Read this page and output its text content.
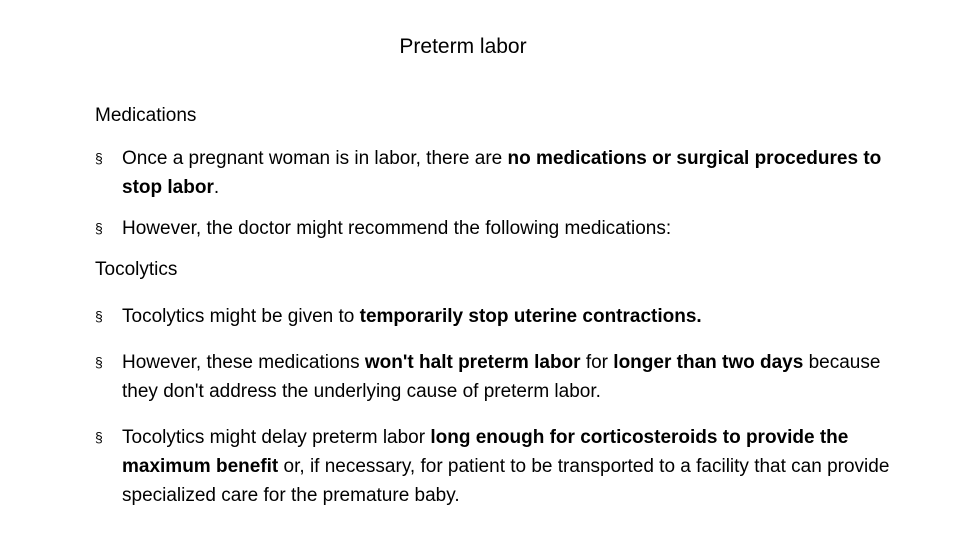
Preterm labor
Medications
§	Once a pregnant woman is in labor, there are no medications or surgical procedures to stop labor.
§	However, the doctor might recommend the following medications:
Tocolytics
§	Tocolytics might be given to temporarily stop uterine contractions.
§	However, these medications won't halt preterm labor for longer than two days because they don't address the underlying cause of preterm labor.
§	Tocolytics might delay preterm labor long enough for corticosteroids to provide the maximum benefit or, if necessary, for patient to be transported to a facility that can provide specialized care for the premature baby.
